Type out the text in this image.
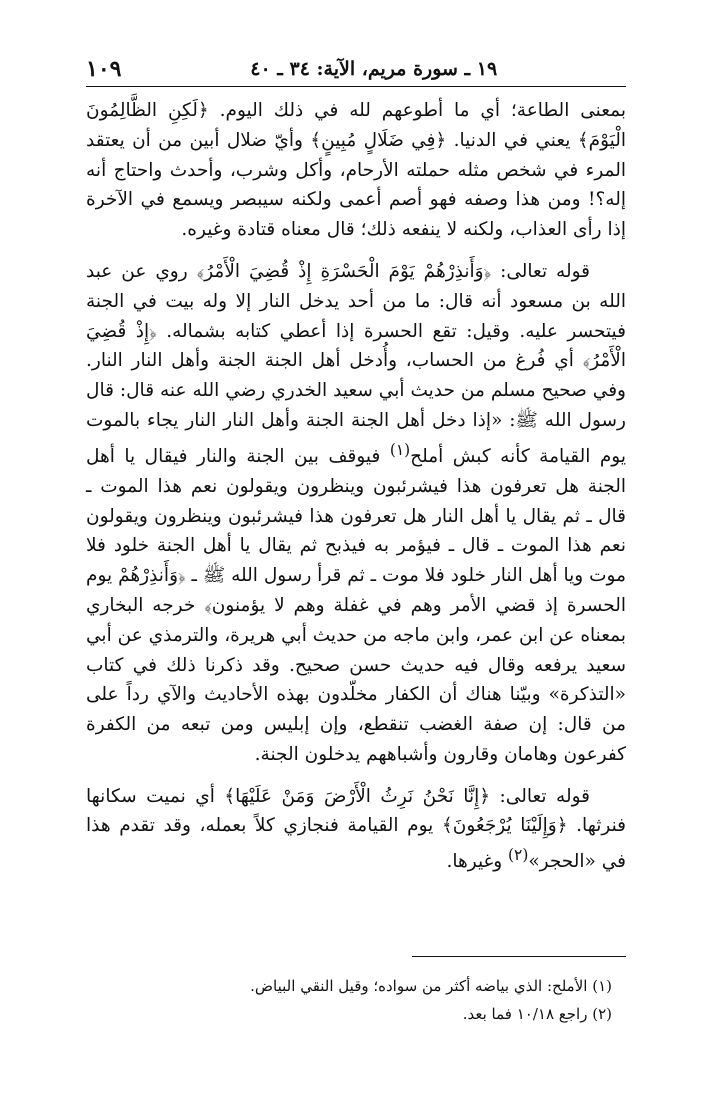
١٩ ـ سورة مريم، الآية: ٣٤ ـ ٤٠
١٠٩

بمعنى الطاعة؛ أي ما أطوعهم لله في ذلك اليوم. ﴿لَكِنِ الظَّالِمُونَ الْيَوْمَ﴾ يعني في الدنيا. ﴿فِي ضَلَالٍ مُبِينٍ﴾ وأيّ ضلال أبين من أن يعتقد المرء في شخص مثله حملته الأرحام، وأكل وشرب، وأحدث واحتاج أنه إله؟! ومن هذا وصفه فهو أصم أعمى ولكنه سيبصر ويسمع في الآخرة إذا رأى العذاب، ولكنه لا ينفعه ذلك؛ قال معناه قتادة وغيره.

قوله تعالى: ﴿وَأَنذِرْهُمْ يَوْمَ الْحَسْرَةِ إِذْ قُضِيَ الْأَمْرُ﴾ روي عن عبد الله بن مسعود أنه قال: ما من أحد يدخل النار إلا وله بيت في الجنة فيتحسر عليه. وقيل: تقع الحسرة إذا أعطي كتابه بشماله. ﴿إِذْ قُضِيَ الْأَمْرُ﴾ أي فُرغ من الحساب، وأُدخل أهل الجنة الجنة وأهل النار النار. وفي صحيح مسلم من حديث أبي سعيد الخدري رضي الله عنه قال: قال رسول الله ﷺ: «إذا دخل أهل الجنة الجنة وأهل النار النار يجاء بالموت يوم القيامة كأنه كبش أملح$^{(١)}$ فيوقف بين الجنة والنار فيقال يا أهل الجنة هل تعرفون هذا فيشرئبون وينظرون ويقولون نعم هذا الموت ـ قال ـ ثم يقال يا أهل النار هل تعرفون هذا فيشرئبون وينظرون ويقولون نعم هذا الموت ـ قال ـ فيؤمر به فيذبح ثم يقال يا أهل الجنة خلود فلا موت ويا أهل النار خلود فلا موت ـ ثم قرأ رسول الله ﷺ ـ ﴿وَأَنذِرْهُمْ يوم الحسرة إذ قضي الأمر وهم في غفلة وهم لا يؤمنون﴾ خرجه البخاري بمعناه عن ابن عمر، وابن ماجه من حديث أبي هريرة، والترمذي عن أبي سعيد يرفعه وقال فيه حديث حسن صحيح. وقد ذكرنا ذلك في كتاب «التذكرة» وبيّنا هناك أن الكفار مخلّدون بهذه الأحاديث والآي رداً على من قال: إن صفة الغضب تنقطع، وإن إبليس ومن تبعه من الكفرة كفرعون وهامان وقارون وأشباههم يدخلون الجنة.

قوله تعالى: ﴿إِنَّا نَحْنُ نَرِثُ الْأَرْضَ وَمَنْ عَلَيْهَا﴾ أي نميت سكانها فنرثها. ﴿وَإِلَيْنَا يُرْجَعُونَ﴾ يوم القيامة فنجازي كلاً بعمله، وقد تقدم هذا في «الحجر»$^{(٢)}$ وغيرها.

(١) الأملح: الذي بياضه أكثر من سواده؛ وقيل النقي البياض.
(٢) راجع ١٠/١٨ فما بعد.
